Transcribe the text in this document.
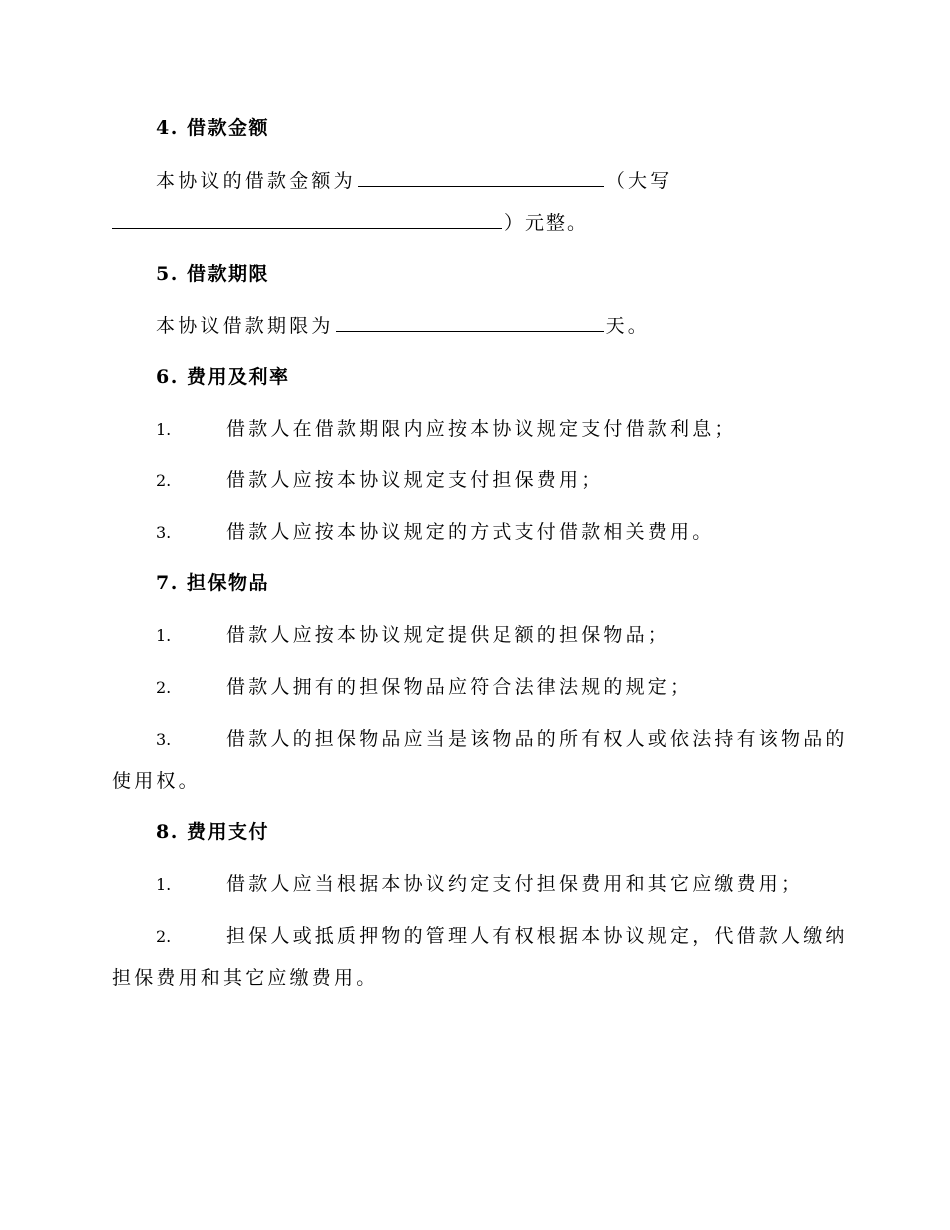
4. 借款金额
本协议的借款金额为	（大写
）元整。
5. 借款期限
本协议借款期限为	天。
6. 费用及利率
1.	借款人在借款期限内应按本协议规定支付借款利息；
2.	借款人应按本协议规定支付担保费用；
3.	借款人应按本协议规定的方式支付借款相关费用。
7. 担保物品
1.	借款人应按本协议规定提供足额的担保物品；
2.	借款人拥有的担保物品应符合法律法规的规定；
3.	借款人的担保物品应当是该物品的所有权人或依法持有该物品的
使用权。
8. 费用支付
1.	借款人应当根据本协议约定支付担保费用和其它应缴费用；
2.	担保人或抵质押物的管理人有权根据本协议规定，代借款人缴纳
担保费用和其它应缴费用。
